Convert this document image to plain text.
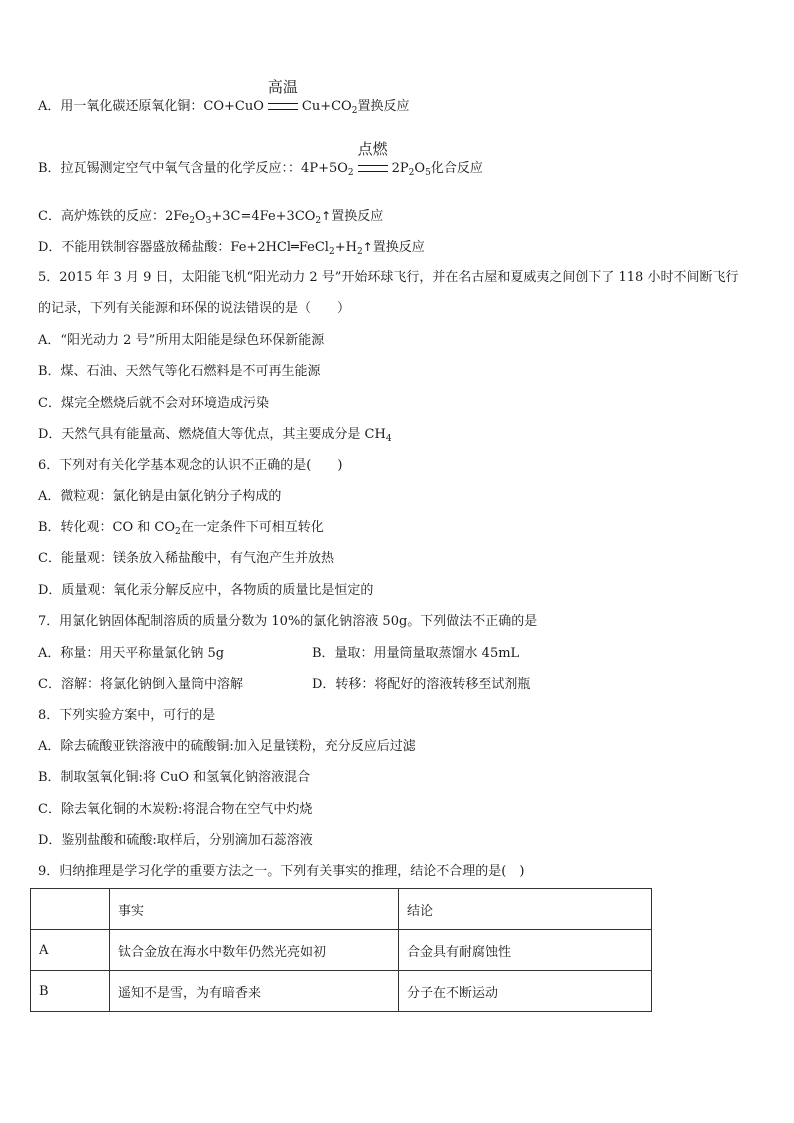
A．用一氧化碳还原氧化铜：CO+CuO
高温
$Cu+CO_2$置换反应
B．拉瓦锡测定空气中氧气含量的化学反应：：$4P+5O_2$
点燃
$2P_2O_5$化合反应
C．高炉炼铁的反应：$2Fe_2O_3+3C=4Fe+3CO_2↑$置换反应
D．不能用铁制容器盛放稀盐酸：$Fe+2HCl═FeCl_2+H_2↑$置换反应
5．2015 年 3 月 9 日，太阳能飞机“阳光动力 2 号”开始环球飞行，并在名古屋和夏威夷之间创下了 118 小时不间断飞行
的记录，下列有关能源和环保的说法错误的是（　　）
A．“阳光动力 2 号”所用太阳能是绿色环保新能源
B．煤、石油、天然气等化石燃料是不可再生能源
C．煤完全燃烧后就不会对环境造成污染
D．天然气具有能量高、燃烧值大等优点，其主要成分是 $CH_4$
6．下列对有关化学基本观念的认识不正确的是(　　)
A．微粒观：氯化钠是由氯化钠分子构成的
B．转化观：CO 和 $CO_2$在一定条件下可相互转化
C．能量观：镁条放入稀盐酸中，有气泡产生并放热
D．质量观：氧化汞分解反应中，各物质的质量比是恒定的
7．用氯化钠固体配制溶质的质量分数为 10%的氯化钠溶液 50g。下列做法不正确的是
A．称量：用天平称量氯化钠 5g	B．量取：用量筒量取蒸馏水 45mL
C．溶解：将氯化钠倒入量筒中溶解	D．转移：将配好的溶液转移至试剂瓶
8．下列实验方案中，可行的是
A．除去硫酸亚铁溶液中的硫酸铜:加入足量镁粉，充分反应后过滤
B．制取氢氧化铜:将 CuO 和氢氧化钠溶液混合
C．除去氧化铜的木炭粉:将混合物在空气中灼烧
D．鉴别盐酸和硫酸:取样后，分别滴加石蕊溶液
9．归纳推理是学习化学的重要方法之一。下列有关事实的推理，结论不合理的是(　)
	事实	结论
A	钛合金放在海水中数年仍然光亮如初	合金具有耐腐蚀性
B	遥知不是雪，为有暗香来	分子在不断运动
